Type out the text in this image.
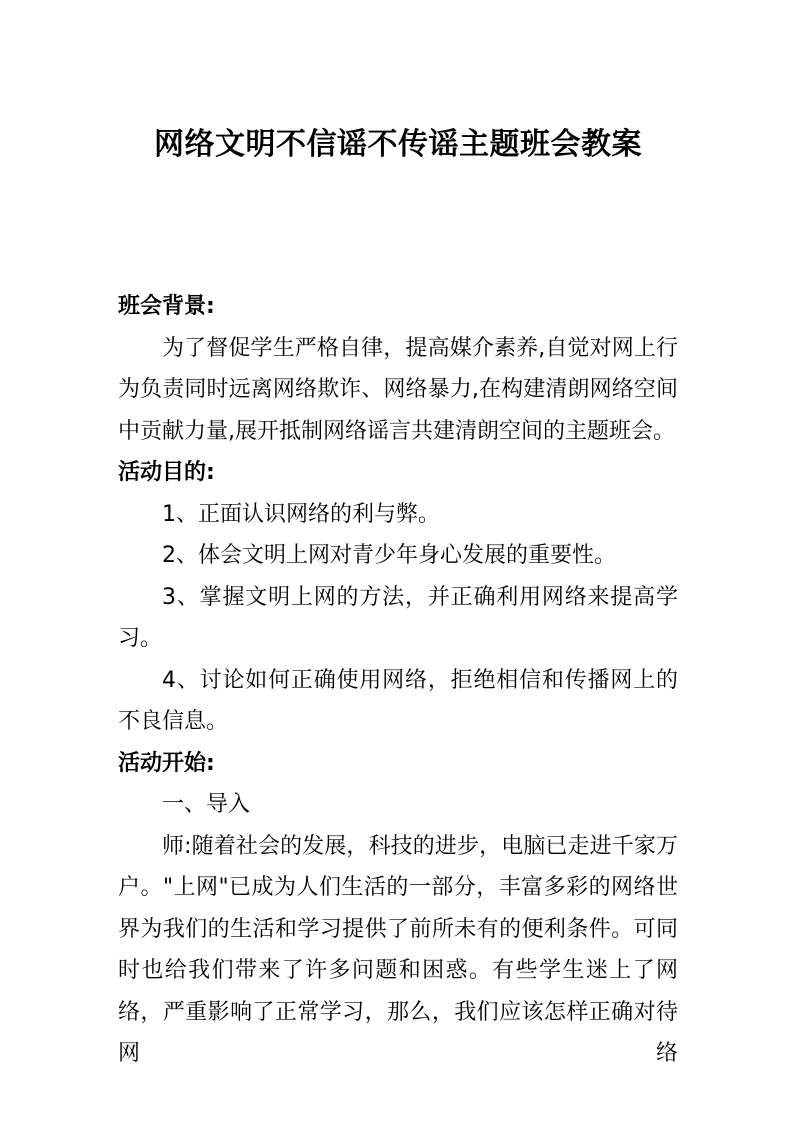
网络文明不信谣不传谣主题班会教案
班会背景:

为了督促学生严格自律，提高媒介素养,自觉对网上行为负责同时远离网络欺诈、网络暴力,在构建清朗网络空间中贡献力量,展开抵制网络谣言共建清朗空间的主题班会。

活动目的:

1、正面认识网络的利与弊。

2、体会文明上网对青少年身心发展的重要性。

3、掌握文明上网的方法，并正确利用网络来提高学习。

4、讨论如何正确使用网络，拒绝相信和传播网上的不良信息。

活动开始:
一、导入

师:随着社会的发展，科技的进步，电脑已走进千家万户。"上网"已成为人们生活的一部分，丰富多彩的网络世界为我们的生活和学习提供了前所未有的便利条件。可同时也给我们带来了许多问题和困惑。有些学生迷上了网络，严重影响了正常学习，那么，我们应该怎样正确对待网络
